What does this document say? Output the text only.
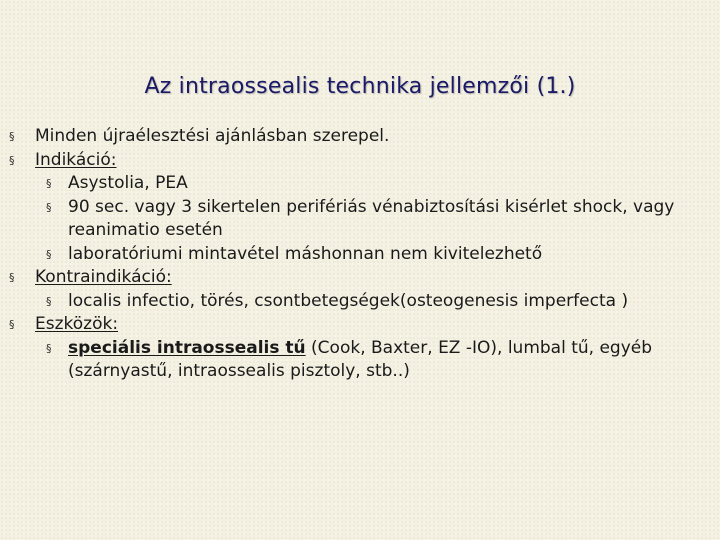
Az intraossealis technika jellemzői (1.)
§ Minden újraélesztési ajánlásban szerepel.
§ Indikáció:
§ Asystolia, PEA
§ 90 sec. vagy 3 sikertelen perifériás vénabiztosítási kisérlet shock, vagy reanimatio esetén
§ laboratóriumi mintavétel máshonnan nem kivitelezhető
§ Kontraindikáció:
§ localis infectio, törés, csontbetegségek(osteogenesis imperfecta )
§ Eszközök:
§ speciális intraossealis tű (Cook, Baxter, EZ -IO), lumbal tű, egyéb (szárnyastű, intraossealis pisztoly, stb..)
